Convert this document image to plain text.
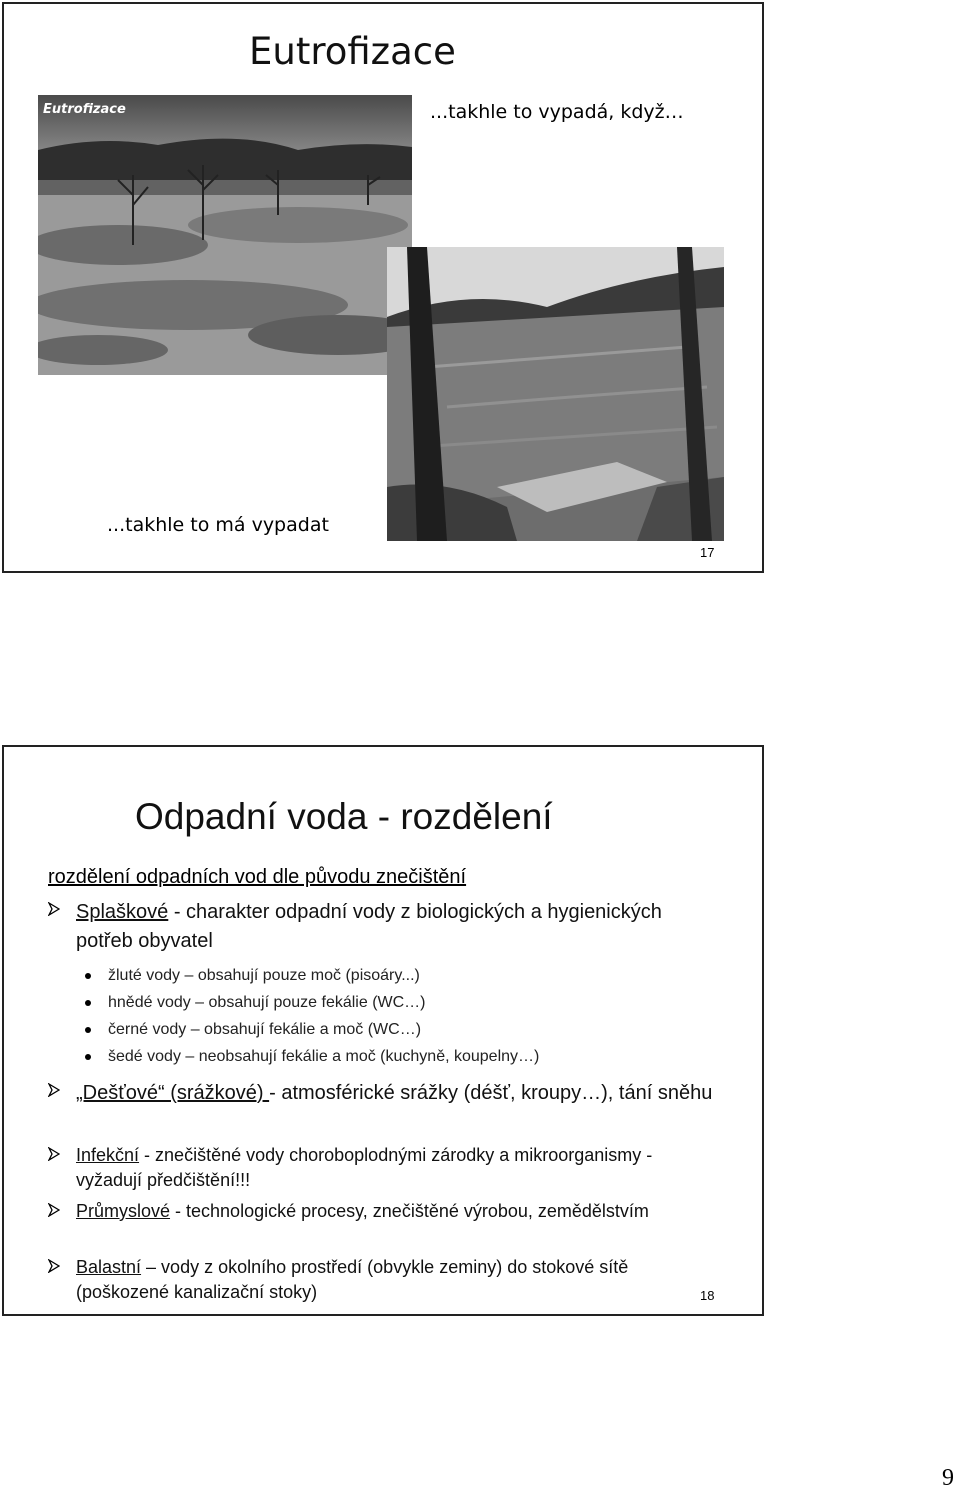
Eutrofizace
Eutrofizace	...takhle to vypadá, když…
...takhle to má vypadat
17
Odpadní voda - rozdělení
rozdělení odpadních vod dle původu znečištění
Splaškové - charakter odpadní vody z biologických a hygienických potřeb obyvatel
žluté vody – obsahují pouze moč (pisoáry...)
hnědé vody – obsahují pouze fekálie (WC…)
černé vody – obsahují fekálie a moč (WC…)
šedé vody – neobsahují fekálie a moč (kuchyně, koupelny…)
„Dešťové“ (srážkové) - atmosférické srážky (déšť, kroupy…), tání sněhu
Infekční - znečištěné vody choroboplodnými zárodky a mikroorganismy - vyžadují předčištění!!!
Průmyslové - technologické procesy, znečištěné výrobou, zemědělstvím
Balastní – vody z okolního prostředí (obvykle zeminy) do stokové sítě (poškozené kanalizační stoky)	18
9
